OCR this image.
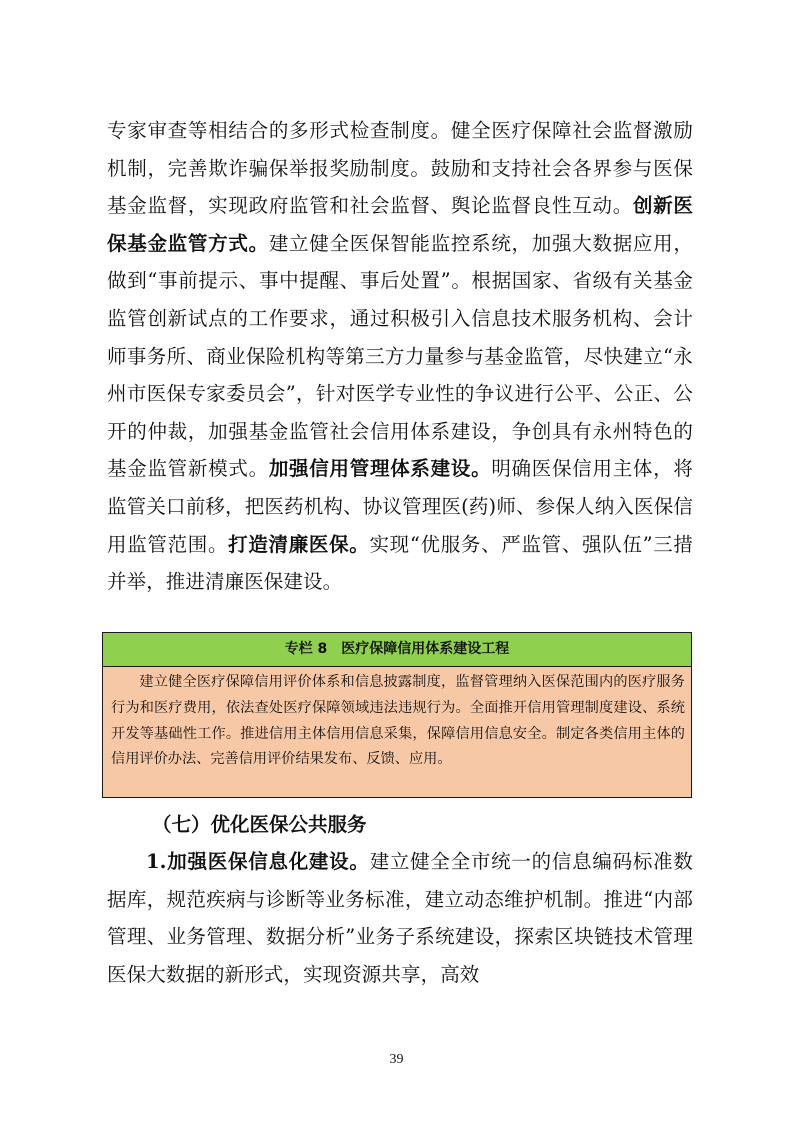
专家审查等相结合的多形式检查制度。健全医疗保障社会监督激励机制，完善欺诈骗保举报奖励制度。鼓励和支持社会各界参与医保基金监督，实现政府监管和社会监督、舆论监督良性互动。创新医保基金监管方式。建立健全医保智能监控系统，加强大数据应用，做到“事前提示、事中提醒、事后处置”。根据国家、省级有关基金监管创新试点的工作要求，通过积极引入信息技术服务机构、会计师事务所、商业保险机构等第三方力量参与基金监管，尽快建立“永州市医保专家委员会”，针对医学专业性的争议进行公平、公正、公开的仲裁，加强基金监管社会信用体系建设，争创具有永州特色的基金监管新模式。加强信用管理体系建设。明确医保信用主体，将监管关口前移，把医药机构、协议管理医(药)师、参保人纳入医保信用监管范围。打造清廉医保。实现“优服务、严监管、强队伍”三措并举，推进清廉医保建设。

专栏 8　医疗保障信用体系建设工程

建立健全医疗保障信用评价体系和信息披露制度，监督管理纳入医保范围内的医疗服务行为和医疗费用，依法查处医疗保障领域违法违规行为。全面推开信用管理制度建设、系统开发等基础性工作。推进信用主体信用信息采集，保障信用信息安全。制定各类信用主体的信用评价办法、完善信用评价结果发布、反馈、应用。

（七）优化医保公共服务

1.加强医保信息化建设。建立健全全市统一的信息编码标准数据库，规范疾病与诊断等业务标准，建立动态维护机制。推进“内部管理、业务管理、数据分析”业务子系统建设，探索区块链技术管理医保大数据的新形式，实现资源共享，高效

39
